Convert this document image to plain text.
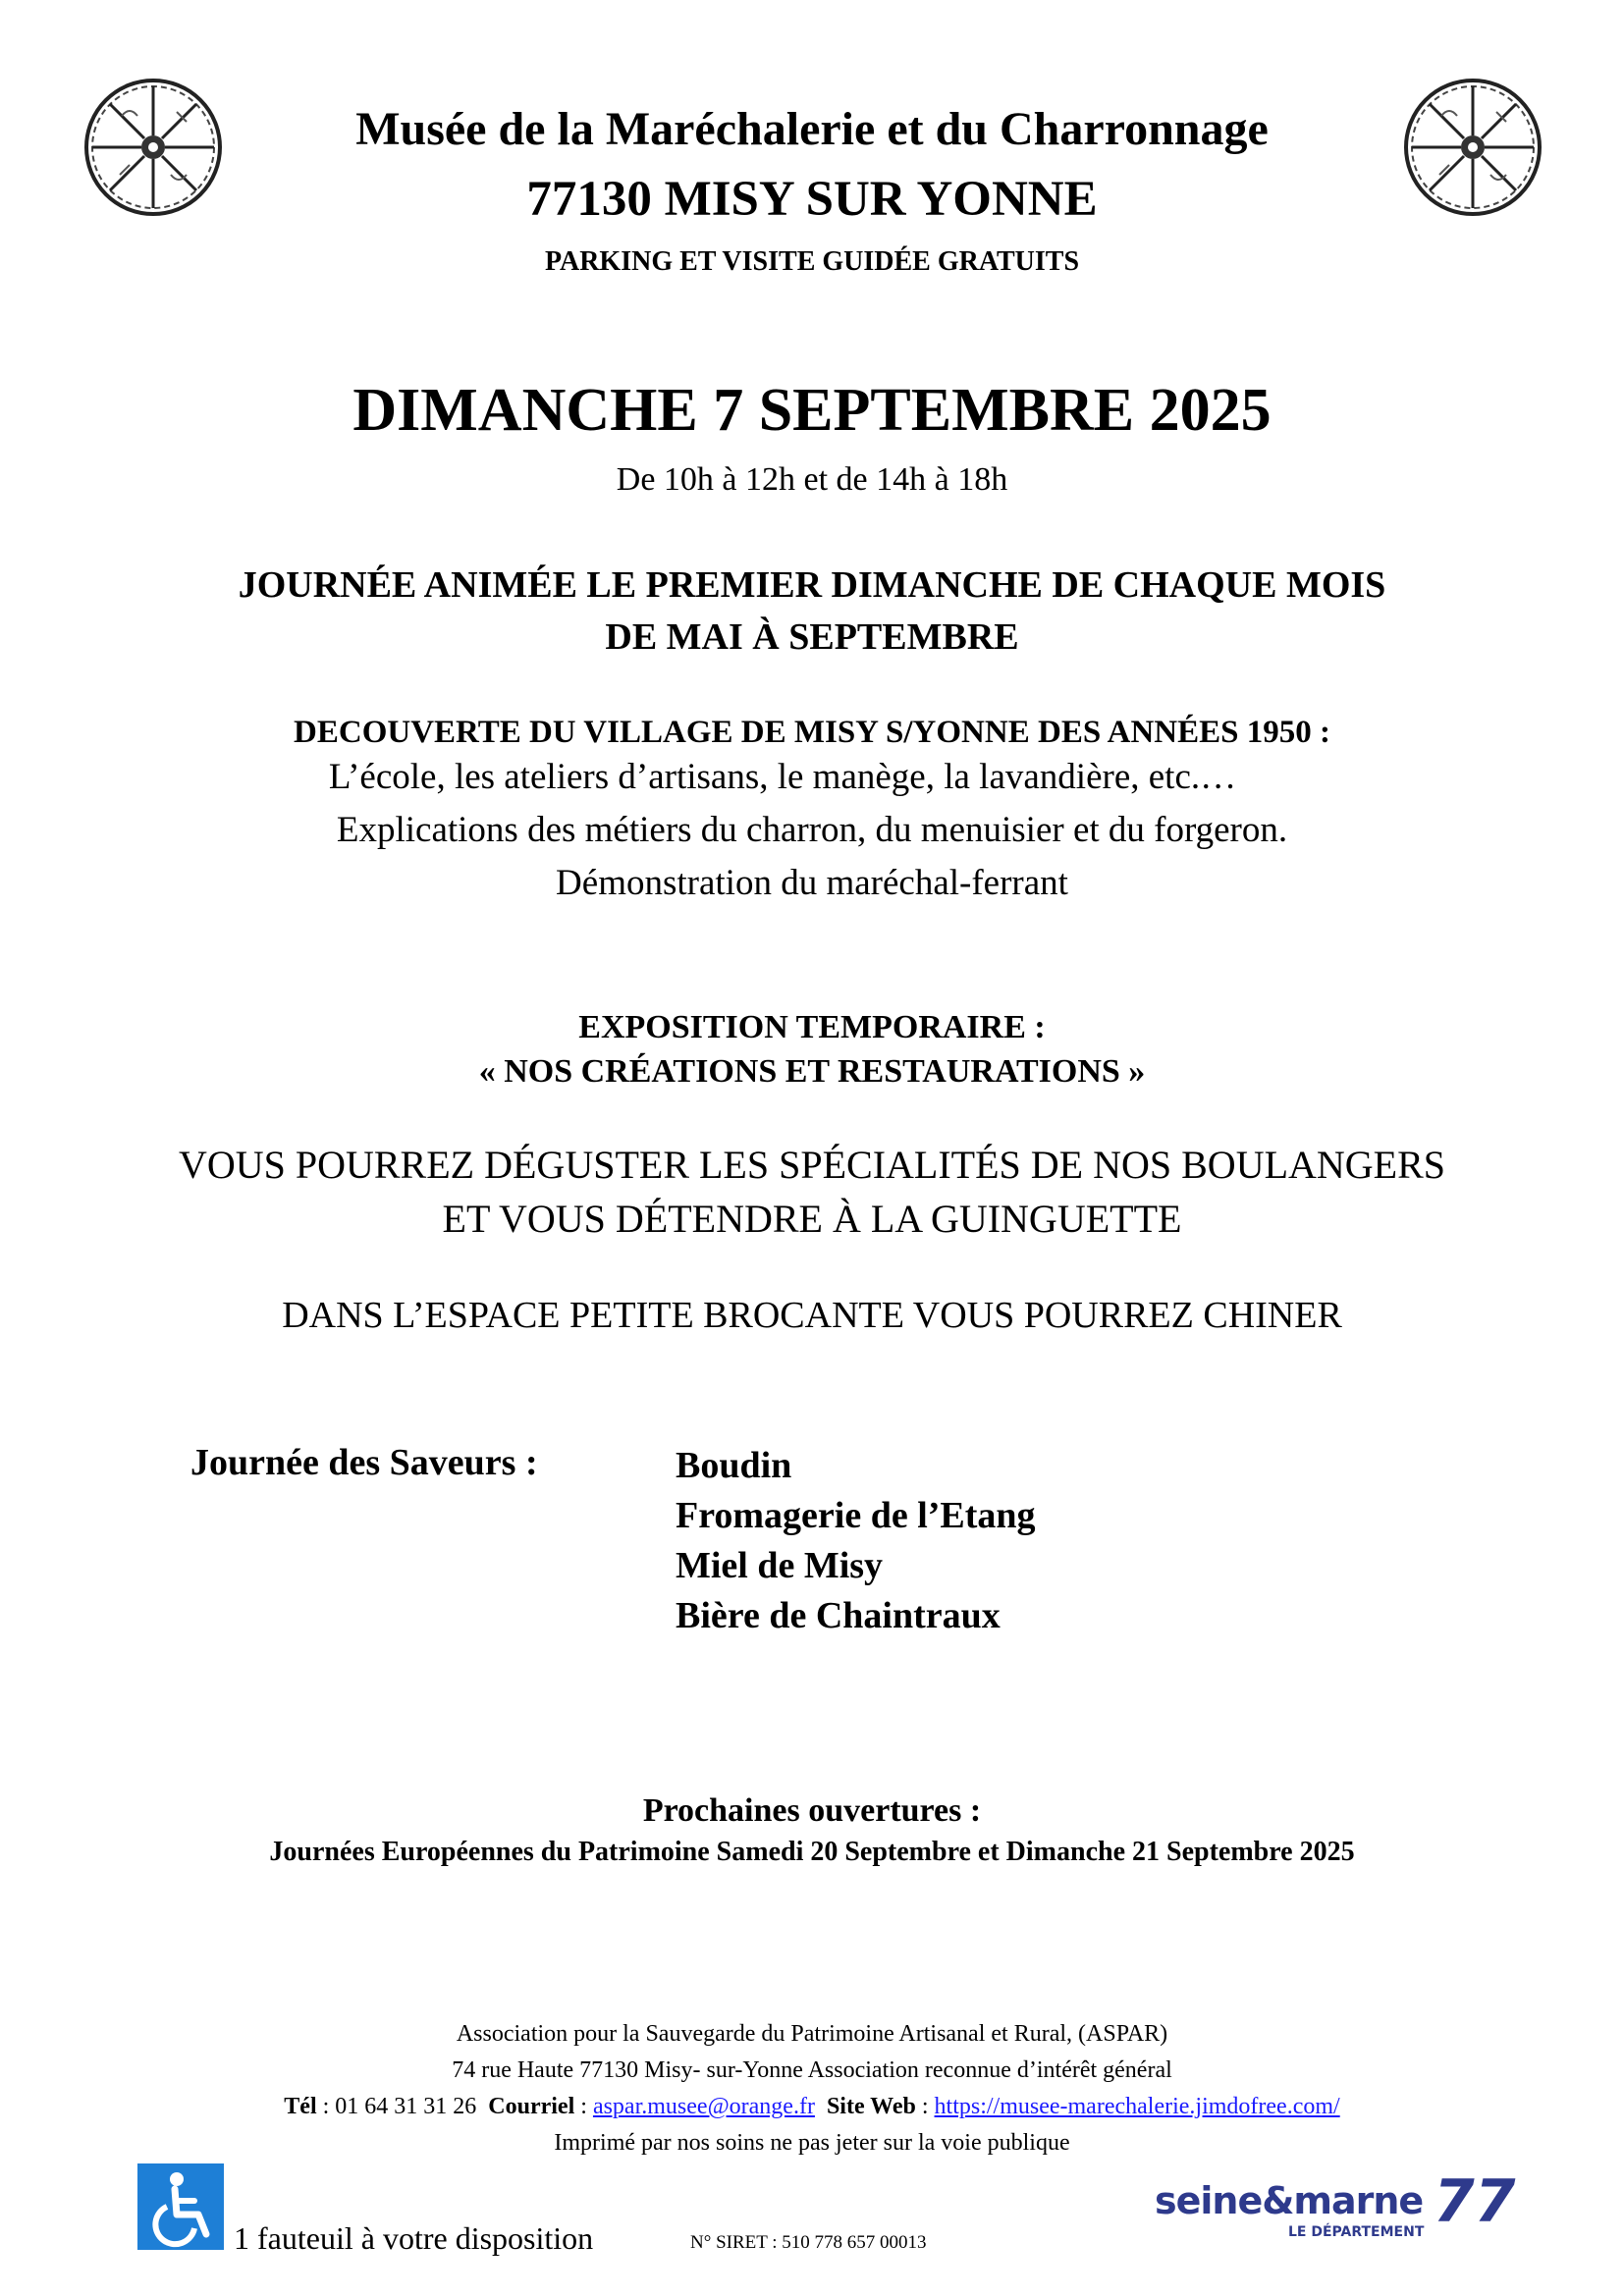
Musée de la Maréchalerie et du Charronnage
77130 MISY SUR YONNE
PARKING ET VISITE GUIDÉE GRATUITS
DIMANCHE 7 SEPTEMBRE 2025
De 10h à 12h et de 14h à 18h
JOURNÉE ANIMÉE LE PREMIER DIMANCHE DE CHAQUE MOIS
DE MAI À SEPTEMBRE
DECOUVERTE DU VILLAGE DE MISY S/YONNE DES ANNÉES 1950 :
L’école, les ateliers d’artisans, le manège, la lavandière, etc.…
Explications des métiers du charron, du menuisier et du forgeron.
Démonstration du maréchal-ferrant
EXPOSITION TEMPORAIRE :
« NOS CRÉATIONS ET RESTAURATIONS »
VOUS POURREZ DÉGUSTER LES SPÉCIALITÉS DE NOS BOULANGERS
ET VOUS DÉTENDRE À LA GUINGUETTE
DANS L’ESPACE PETITE BROCANTE VOUS POURREZ CHINER
Journée des Saveurs :	Boudin
Fromagerie de l’Etang
Miel de Misy
Bière de Chaintraux
Prochaines ouvertures :
Journées Européennes du Patrimoine Samedi 20 Septembre et Dimanche 21 Septembre 2025
Association pour la Sauvegarde du Patrimoine Artisanal et Rural, (ASPAR)
74 rue Haute 77130 Misy- sur-Yonne Association reconnue d’intérêt général
Tél : 01 64 31 31 26 Courriel : aspar.musee@orange.fr Site Web : https://musee-marechalerie.jimdofree.com/
Imprimé par nos soins ne pas jeter sur la voie publique
1 fauteuil à votre disposition	N° SIRET : 510 778 657 00013
seine&marne 77
LE DÉPARTEMENT
